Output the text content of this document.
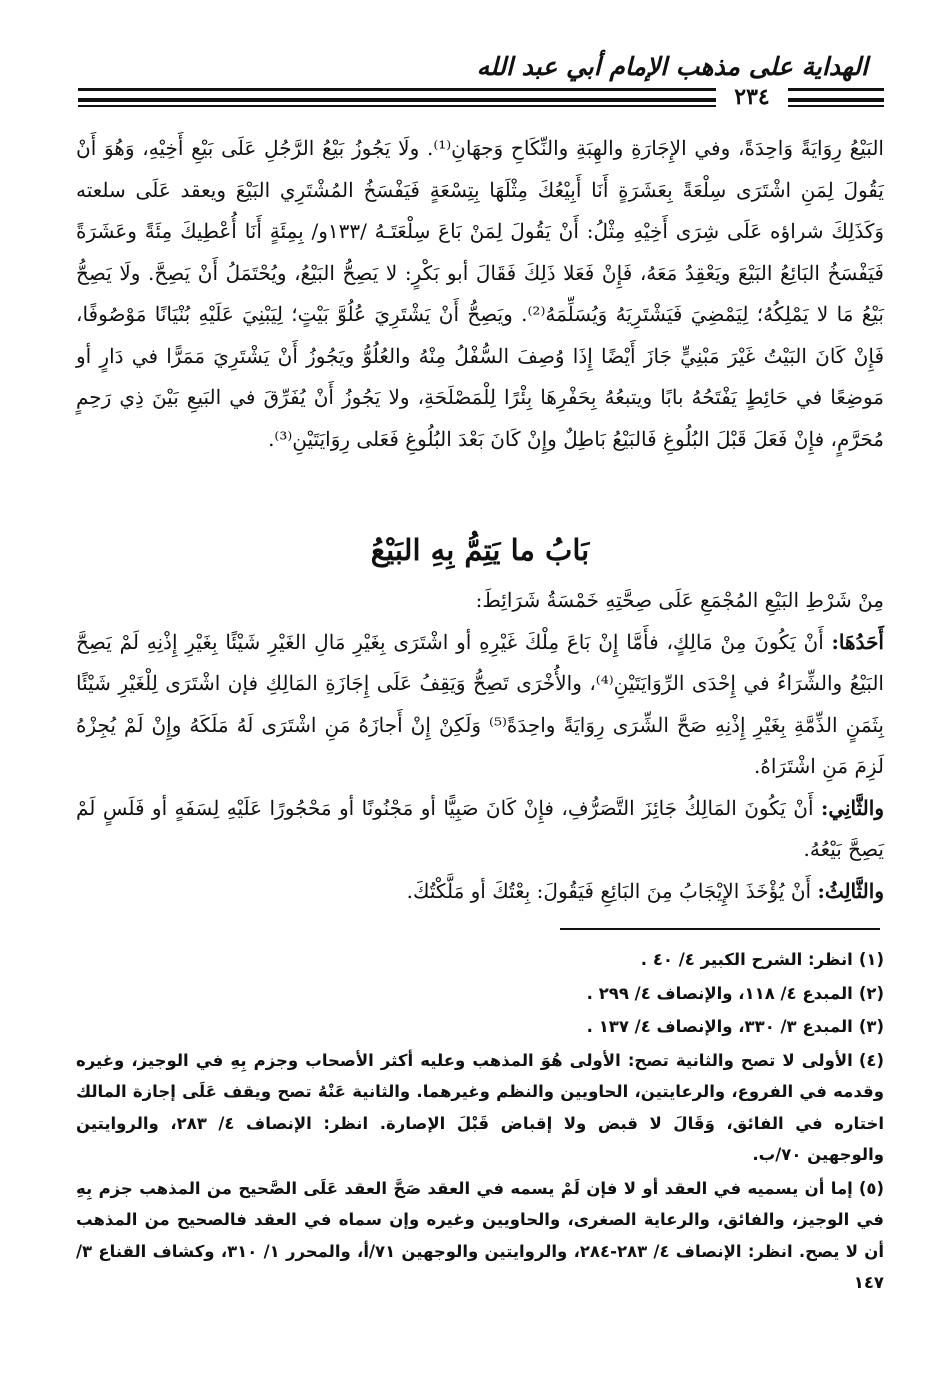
الهداية على مذهب الإمام أبي عبد الله
٢٣٤

البَيْعُ رِوَايَةً وَاحِدَةً، وفي الإِجَارَةِ والهِبَةِ والنِّكَاحِ وَجهَانِ⁽¹⁾. ولَا يَجُوزُ بَيْعُ الرَّجُلِ عَلَى بَيْعِ أَخِيْهِ، وَهُوَ أَنْ يَقُولَ لِمَنِ اشْتَرَى سِلْعَةً بِعَشَرَةٍ أَنَا أَبِيْعُكَ مِثْلَهَا بِتِسْعَةٍ فَيَفْسَخُ المُشْتَرِي البَيْعَ ويعقد عَلَى سلعته وَكَذَلِكَ شراؤه عَلَى شِرَى أَخِيْهِ مِثْلُ: أَنْ يَقُولَ لِمَنْ بَاعَ سِلْعَتَـهُ /١٣٣و/ بِمِئَةٍ أَنَا أُعْطِيكَ مِئَةً وعَشَرَةً فَيَفْسَخُ البَائِعُ البَيْعَ ويَعْقِدُ مَعَهُ، فَإِنْ فَعَلا ذَلِكَ فَقَالَ أبو بَكْرٍ: لا يَصِحُّ البَيْعُ، ويُحْتَمَلُ أَنْ يَصِحَّ. ولَا يَصِحُّ بَيْعُ مَا لا يَمْلِكُهُ؛ لِيَمْضِيَ فَيَشْتَرِيَهُ وَيُسَلِّمَهُ⁽²⁾. ويَصِحُّ أَنْ يَشْتَرِيَ عُلُوَّ بَيْتٍ؛ لِيَبْنِيَ عَلَيْهِ بُنْيَانًا مَوْصُوفًا، فَإِنْ كَانَ البَيْتُ غَيْرَ مَبْنِيٍّ جَازَ أَيْضًا إِذَا وُصِفَ السُّفْلُ مِنْهُ والعُلُوُّ ويَجُوزُ أَنْ يَشْتَرِيَ مَمَرًّا في دَارٍ أو مَوضِعًا في حَائِطٍ يَفْتَحُهُ بابًا ويتبعُهُ بِحَفْرِهَا بِئْرًا لِلْمَصْلَحَةِ، ولا يَجُوزُ أَنْ يُفَرِّقَ في البَيعِ بَيْنَ ذِي رَحِمٍ مُحَرَّمٍ، فإِنْ فَعَلَ قَبْلَ البُلُوغِ فَالبَيْعُ بَاطِلٌ وإِنْ كَانَ بَعْدَ البُلُوغِ فَعَلى رِوَايَتَيْنِ⁽³⁾.

بَابُ ما يَتِمُّ بِهِ البَيْعُ

مِنْ شَرْطِ البَيْعِ المُجْمَعِ عَلَى صِحَّتِهِ خَمْسَةُ شَرَائِطَ:

أَحَدُهَا: أَنْ يَكُونَ مِنْ مَالِكٍ، فأَمَّا إِنْ بَاعَ مِلْكَ غَيْرِهِ أو اشْتَرَى بِغَيْرِ مَالِ الغَيْرِ شَيْئًا بِغَيْرِ إِذْنِهِ لَمْ يَصِحَّ البَيْعُ والشِّرَاءُ في إِحْدَى الرِّوَايَتَيْنِ⁽⁴⁾، والأُخْرَى تَصِحُّ وَيَقِفُ عَلَى إِجَازَةِ المَالِكِ فإن اشْتَرَى لِلْغَيْرِ شَيْئًا بِثَمَنٍ الذِّمَّةِ بِغَيْرِ إِذْنِهِ صَحَّ الشِّرَى رِوَايَةً واحِدَةً⁽⁵⁾ وَلَكِنْ إِنْ أَجازَهُ مَنِ اشْتَرَى لَهُ مَلَكَهُ وإِنْ لَمْ يُجِزْهُ لَزِمَ مَنِ اشْتَرَاهُ.

والثَّانِي: أَنْ يَكُونَ المَالِكُ جَائِزَ التَّصَرُّفِ، فإِنْ كَانَ صَبِيًّا أو مَجْنُونًا أو مَحْجُورًا عَلَيْهِ لِسَفَهٍ أو فَلَسٍ لَمْ يَصِحَّ بَيْعُهُ.

والثَّالِثُ: أَنْ يُؤْخَذَ الإِيْجَابُ مِنَ البَائِعِ فَيَقُولَ: بِعْتُكَ أو مَلَّكْتُكَ.

(١)انظر: الشرح الكبير ٤/ ٤٠ .

(٢)المبدع ٤/ ١١٨، والإنصاف ٤/ ٢٩٩ .

(٣)المبدع ٣/ ٣٣٠، والإنصاف ٤/ ١٣٧ .

(٤)الأولى لا تصح والثانية تصح: الأولى هُوَ المذهب وعليه أكثر الأصحاب وجزم بِهِ في الوجيز، وغيره وقدمه في الفروع، والرعايتين، الحاويين والنظم وغيرهما. والثانية عَنْهُ تصح ويقف عَلَى إجازة المالك اختاره في الفائق، وَقَالَ لا قبض ولا إقباض قَبْلَ الإصارة. انظر: الإنصاف ٤/ ٢٨٣، والروايتين والوجهين ٧٠/ب.

(٥)إما أن يسميه في العقد أو لا فإن لَمْ يسمه في العقد صَحَّ العقد عَلَى الصَّحيح من المذهب جزم بِهِ في الوجيز، والفائق، والرعاية الصغرى، والحاويين وغيره وإن سماه في العقد فالصحيح من المذهب أن لا يصح. انظر: الإنصاف ٤/ ٢٨٣-٢٨٤، والروايتين والوجهين ٧١/أ، والمحرر ١/ ٣١٠، وكشاف القناع ٣/ ١٤٧
